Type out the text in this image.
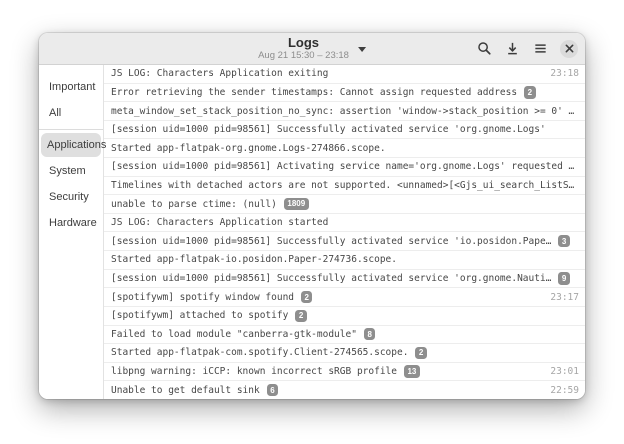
Logs
Aug 21 15:30 – 23:18
Important
All
Applications
System
Security
Hardware
JS LOG: Characters Application exiting	23:18
Error retrieving the sender timestamps: Cannot assign requested address	2
meta_window_set_stack_position_no_sync: assertion 'window->stack_position >= 0' …
[session uid=1000 pid=98561] Successfully activated service 'org.gnome.Logs'
Started app-flatpak-org.gnome.Logs-274866.scope.
[session uid=1000 pid=98561] Activating service name='org.gnome.Logs' requested …
Timelines with detached actors are not supported. <unnamed>[<Gjs_ui_search_ListS…
unable to parse ctime: (null)	1809
JS LOG: Characters Application started
[session uid=1000 pid=98561] Successfully activated service 'io.posidon.Pape…	3
Started app-flatpak-io.posidon.Paper-274736.scope.
[session uid=1000 pid=98561] Successfully activated service 'org.gnome.Nauti…	9
[spotifywm] spotify window found	2	23:17
[spotifywm] attached to spotify	2
Failed to load module "canberra-gtk-module"	8
Started app-flatpak-com.spotify.Client-274565.scope.	2
libpng warning: iCCP: known incorrect sRGB profile	13	23:01
Unable to get default sink	6	22:59
